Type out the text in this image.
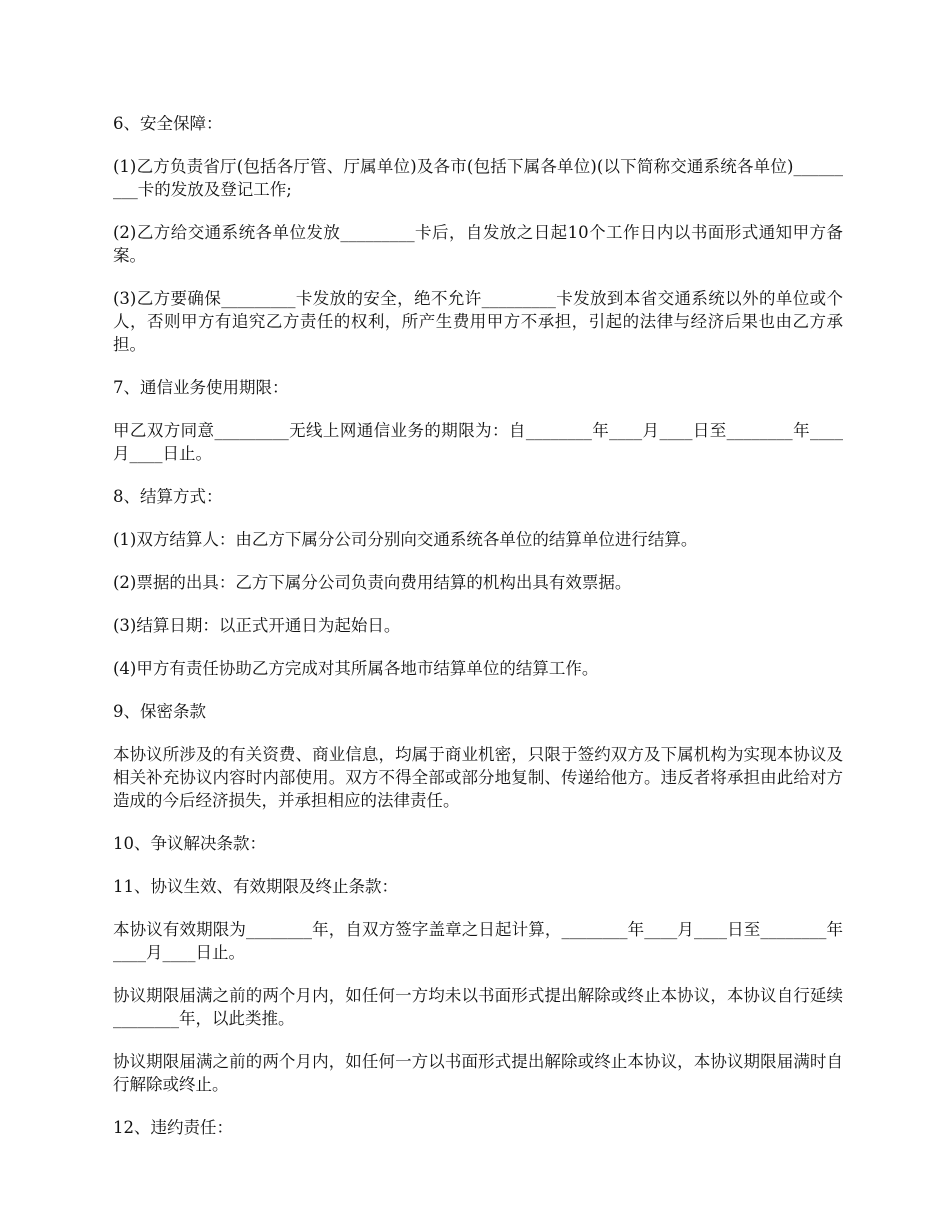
6、安全保障：

(1)乙方负责省厅(包括各厅管、厅属单位)及各市(包括下属各单位)(以下简称交通系统各单位)_________卡的发放及登记工作;

(2)乙方给交通系统各单位发放_________卡后，自发放之日起10个工作日内以书面形式通知甲方备案。

(3)乙方要确保_________卡发放的安全，绝不允许_________卡发放到本省交通系统以外的单位或个人，否则甲方有追究乙方责任的权利，所产生费用甲方不承担，引起的法律与经济后果也由乙方承担。

7、通信业务使用期限：

甲乙双方同意_________无线上网通信业务的期限为：自________年____月____日至________年____月____日止。

8、结算方式：

(1)双方结算人：由乙方下属分公司分别向交通系统各单位的结算单位进行结算。

(2)票据的出具：乙方下属分公司负责向费用结算的机构出具有效票据。

(3)结算日期：以正式开通日为起始日。

(4)甲方有责任协助乙方完成对其所属各地市结算单位的结算工作。

9、保密条款

本协议所涉及的有关资费、商业信息，均属于商业机密，只限于签约双方及下属机构为实现本协议及相关补充协议内容时内部使用。双方不得全部或部分地复制、传递给他方。违反者将承担由此给对方造成的今后经济损失，并承担相应的法律责任。

10、争议解决条款：

11、协议生效、有效期限及终止条款：

本协议有效期限为________年，自双方签字盖章之日起计算，________年____月____日至________年____月____日止。

协议期限届满之前的两个月内，如任何一方均未以书面形式提出解除或终止本协议，本协议自行延续________年，以此类推。

协议期限届满之前的两个月内，如任何一方以书面形式提出解除或终止本协议，本协议期限届满时自行解除或终止。

12、违约责任：
